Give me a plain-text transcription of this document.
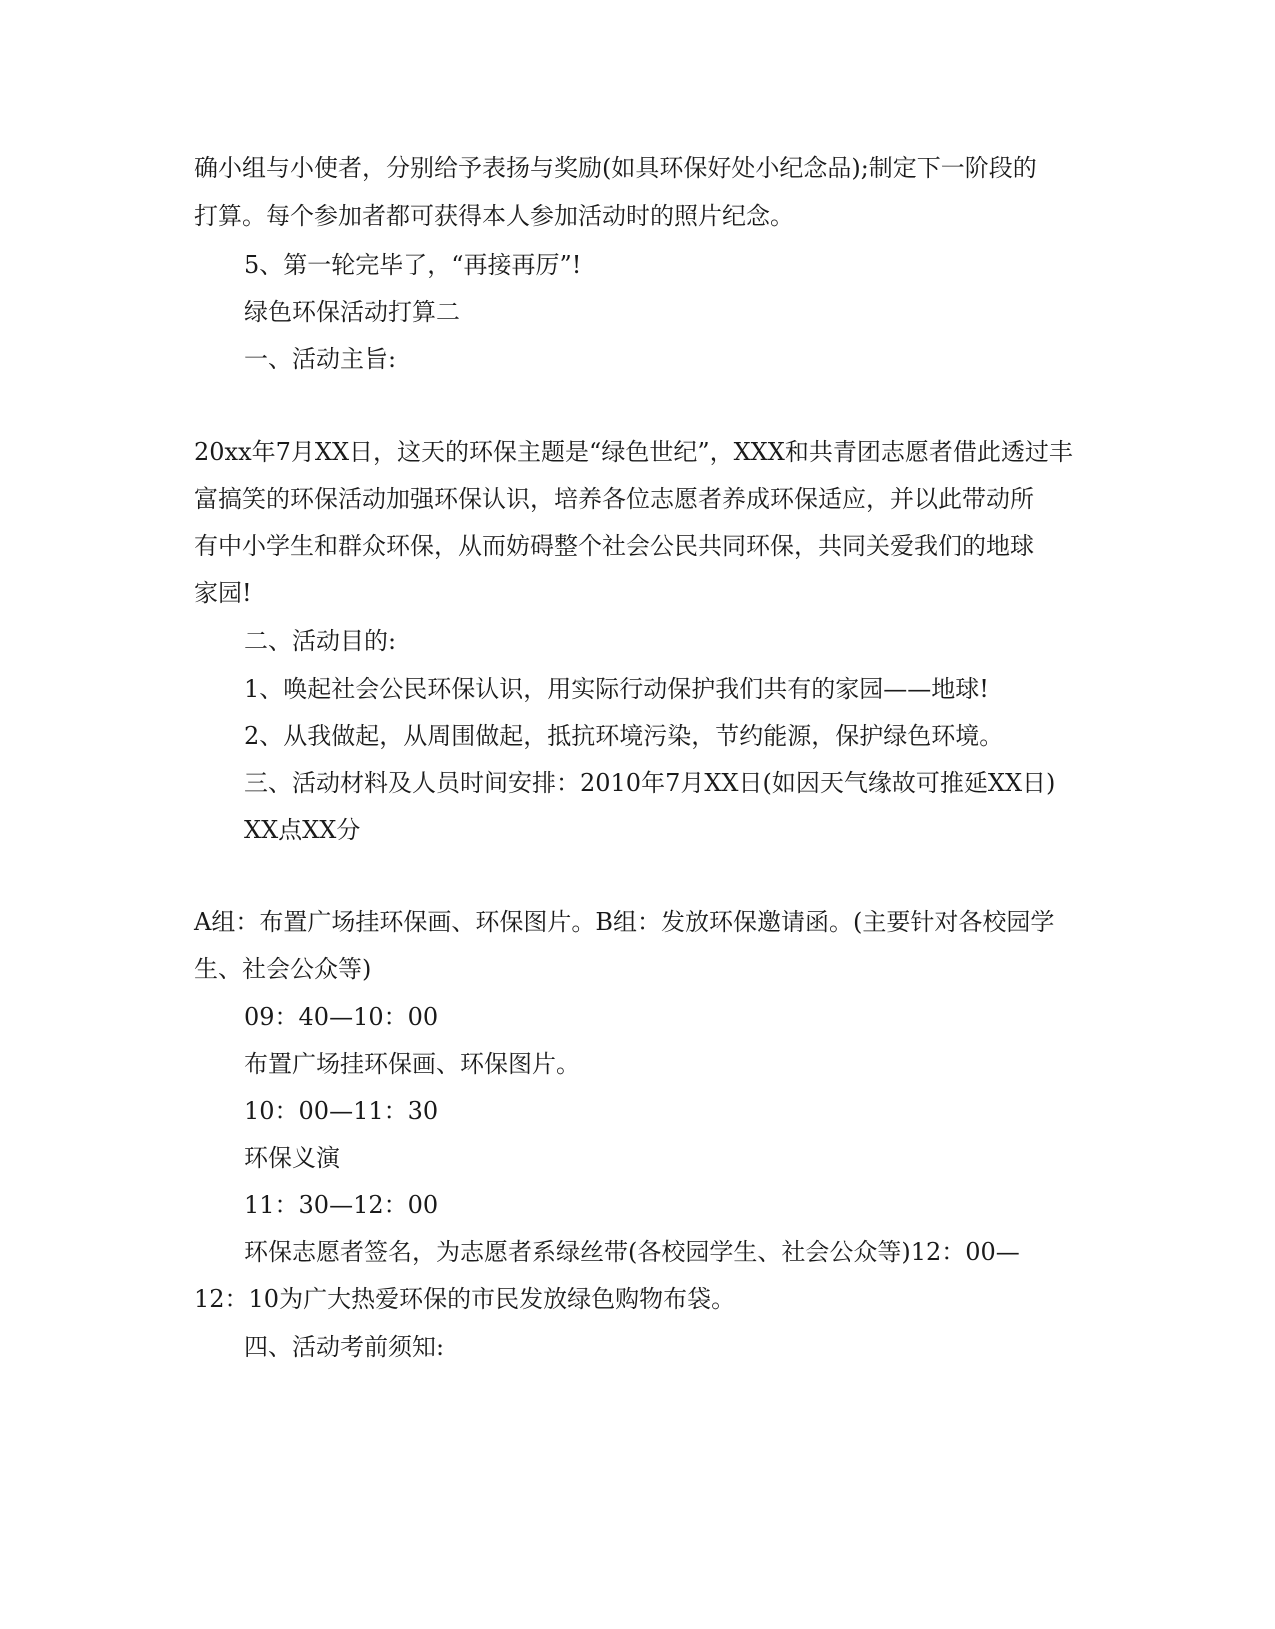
确小组与小使者，分别给予表扬与奖励(如具环保好处小纪念品);制定下一阶段的
打算。每个参加者都可获得本人参加活动时的照片纪念。
5、第一轮完毕了，“再接再厉”!
绿色环保活动打算二
一、活动主旨:
20xx年7月XX日，这天的环保主题是“绿色世纪”，XXX和共青团志愿者借此透过丰
富搞笑的环保活动加强环保认识，培养各位志愿者养成环保适应，并以此带动所
有中小学生和群众环保，从而妨碍整个社会公民共同环保，共同关爱我们的地球
家园!
二、活动目的:
1、唤起社会公民环保认识，用实际行动保护我们共有的家园——地球!
2、从我做起，从周围做起，抵抗环境污染，节约能源，保护绿色环境。
三、活动材料及人员时间安排：2010年7月XX日(如因天气缘故可推延XX日)
XX点XX分
A组：布置广场挂环保画、环保图片。B组：发放环保邀请函。(主要针对各校园学
生、社会公众等)
09：40—10：00
布置广场挂环保画、环保图片。
10：00—11：30
环保义演
11：30—12：00
环保志愿者签名，为志愿者系绿丝带(各校园学生、社会公众等)12：00—
12：10为广大热爱环保的市民发放绿色购物布袋。
四、活动考前须知:
